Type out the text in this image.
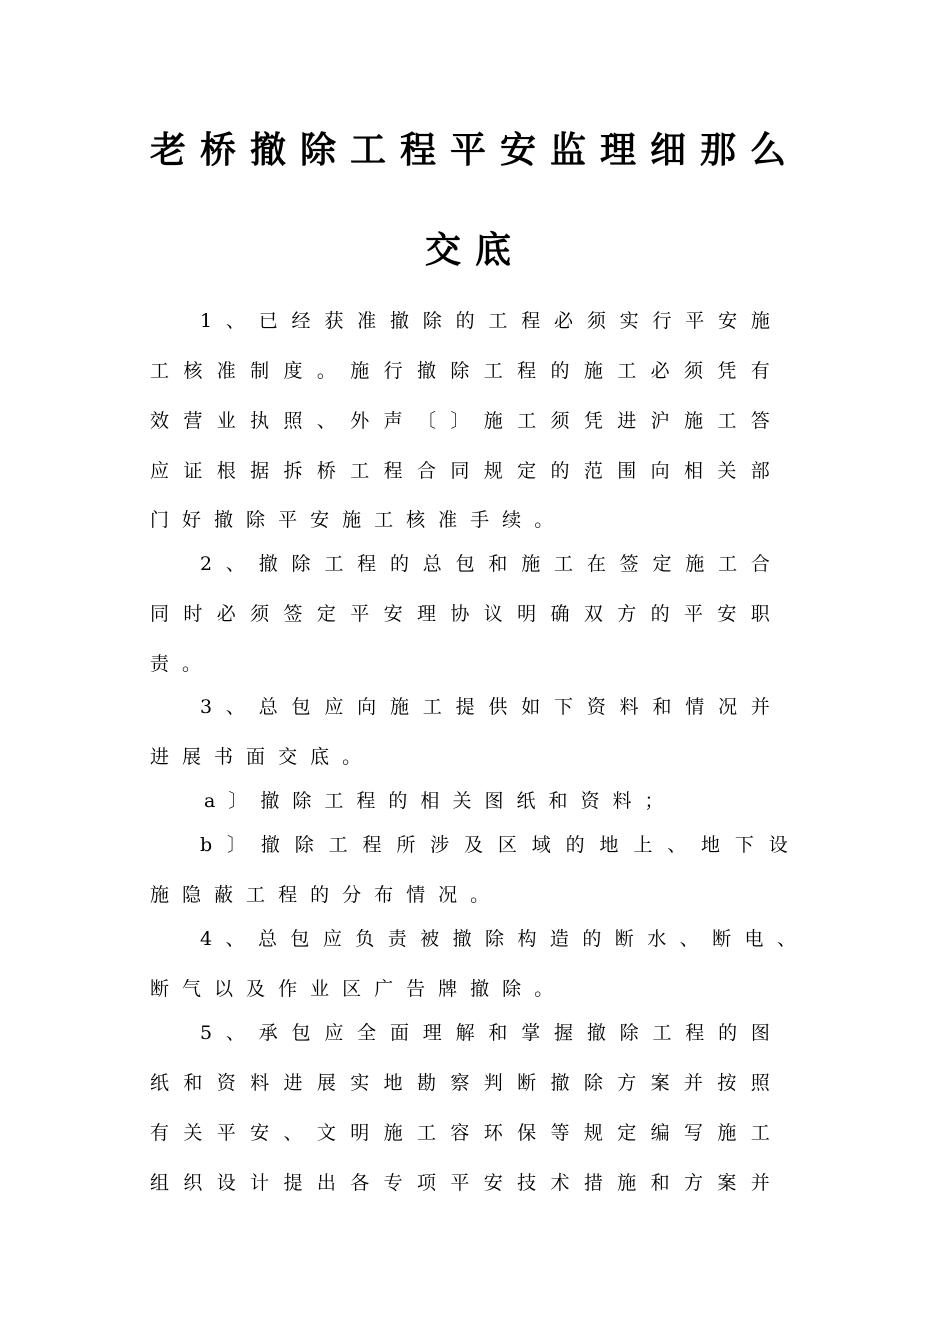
老桥撤除工程平安监理细那么
交底
1 、 已 经 获 准 撤 除 的 工 程 必 须 实 行 平 安 施
工 核 准 制 度 。 施 行 撤 除 工 程 的 施 工 必 须 凭 有
效 营 业 执 照 、 外 声 〔 〕 施 工 须 凭 进 沪 施 工 答
应 证 根 据 拆 桥 工 程 合 同 规 定 的 范 围 向 相 关 部
门 好 撤 除 平 安 施 工 核 准 手 续 。
2 、 撤 除 工 程 的 总 包 和 施 工 在 签 定 施 工 合
同 时 必 须 签 定 平 安 理 协 议 明 确 双 方 的 平 安 职
责 。
3 、 总 包 应 向 施 工 提 供 如 下 资 料 和 情 况 并
进 展 书 面 交 底 。
a 〕 撤 除 工 程 的 相 关 图 纸 和 资 料 ；
b 〕 撤 除 工 程 所 涉 及 区 域 的 地 上 、 地 下 设
施 隐 蔽 工 程 的 分 布 情 况 。
4 、 总 包 应 负 责 被 撤 除 构 造 的 断 水 、 断 电 、
断 气 以 及 作 业 区 广 告 牌 撤 除 。
5 、 承 包 应 全 面 理 解 和 掌 握 撤 除 工 程 的 图
纸 和 资 料 进 展 实 地 勘 察 判 断 撤 除 方 案 并 按 照
有 关 平 安 、 文 明 施 工 容 环 保 等 规 定 编 写 施 工
组 织 设 计 提 出 各 专 项 平 安 技 术 措 施 和 方 案 并
